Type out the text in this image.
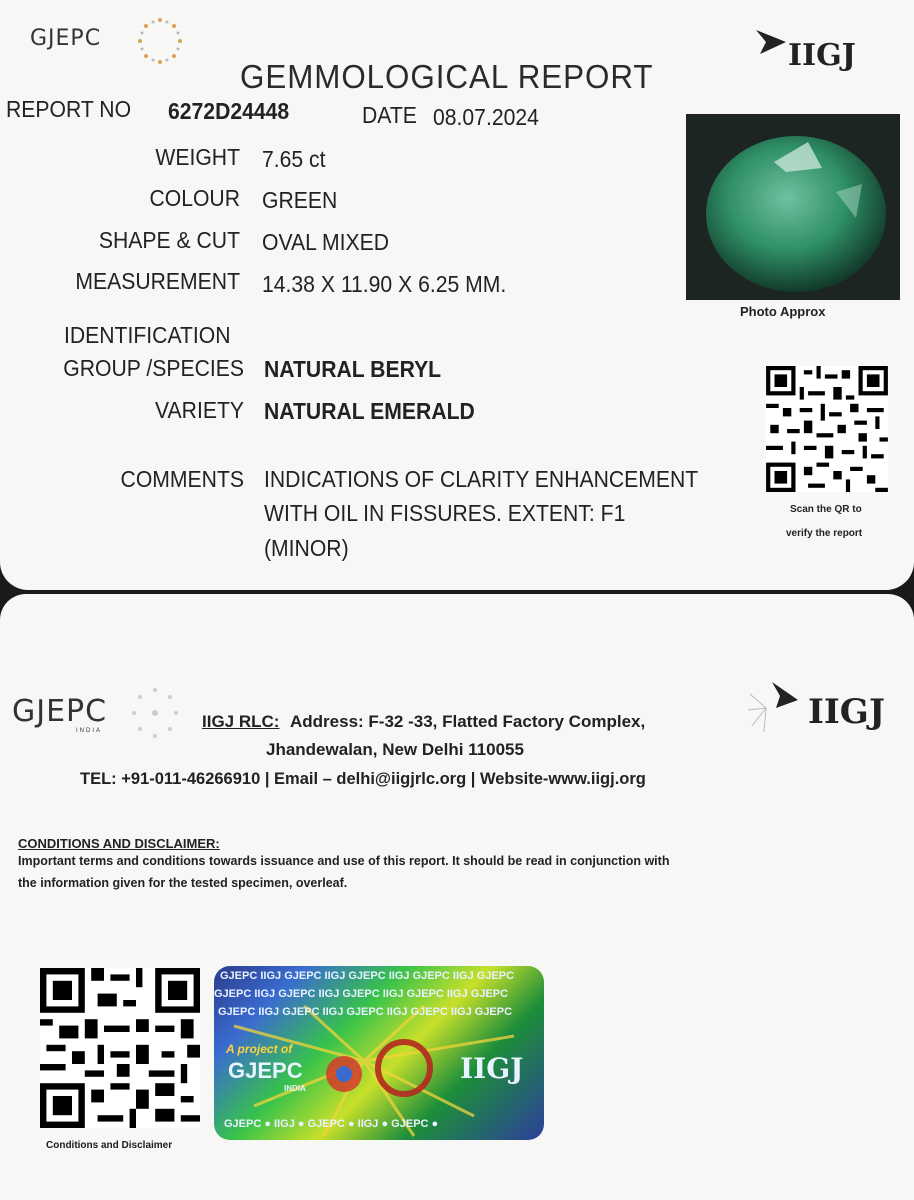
GJEPC	IIGJ
GEMMOLOGICAL REPORT
REPORT NO 6272D24448	DATE 08.07.2024
WEIGHT 7.65 ct
COLOUR GREEN
SHAPE & CUT OVAL MIXED
MEASUREMENT 14.38 X 11.90 X 6.25 MM.
IDENTIFICATION
GROUP /SPECIES NATURAL BERYL
VARIETY NATURAL EMERALD
COMMENTS INDICATIONS OF CLARITY ENHANCEMENT
WITH OIL IN FISSURES. EXTENT: F1
(MINOR)
Photo Approx
Scan the QR to
verify the report
GJEPC
INDIA	IIGJ
IIGJ RLC: Address: F-32 -33, Flatted Factory Complex,
Jhandewalan, New Delhi 110055
TEL: +91-011-46266910 | Email – delhi@iigjrlc.org | Website-www.iigj.org
CONDITIONS AND DISCLAIMER:
Important terms and conditions towards issuance and use of this report. It should be read in conjunction with
the information given for the tested specimen, overleaf.
Conditions and Disclaimer
GJEPC IIGJ GJEPC IIGJ GJEPC IIGJ GJEPC IIGJ GJEPC
GJEPC IIGJ GJEPC IIGJ GJEPC IIGJ GJEPC IIGJ GJEPC
GJEPC IIGJ GJEPC IIGJ GJEPC IIGJ GJEPC IIGJ GJEPC
A project of
GJEPC
INDIA
IIGJ
GJEPC ● IIGJ ● GJEPC ● IIGJ ● GJEPC ●
